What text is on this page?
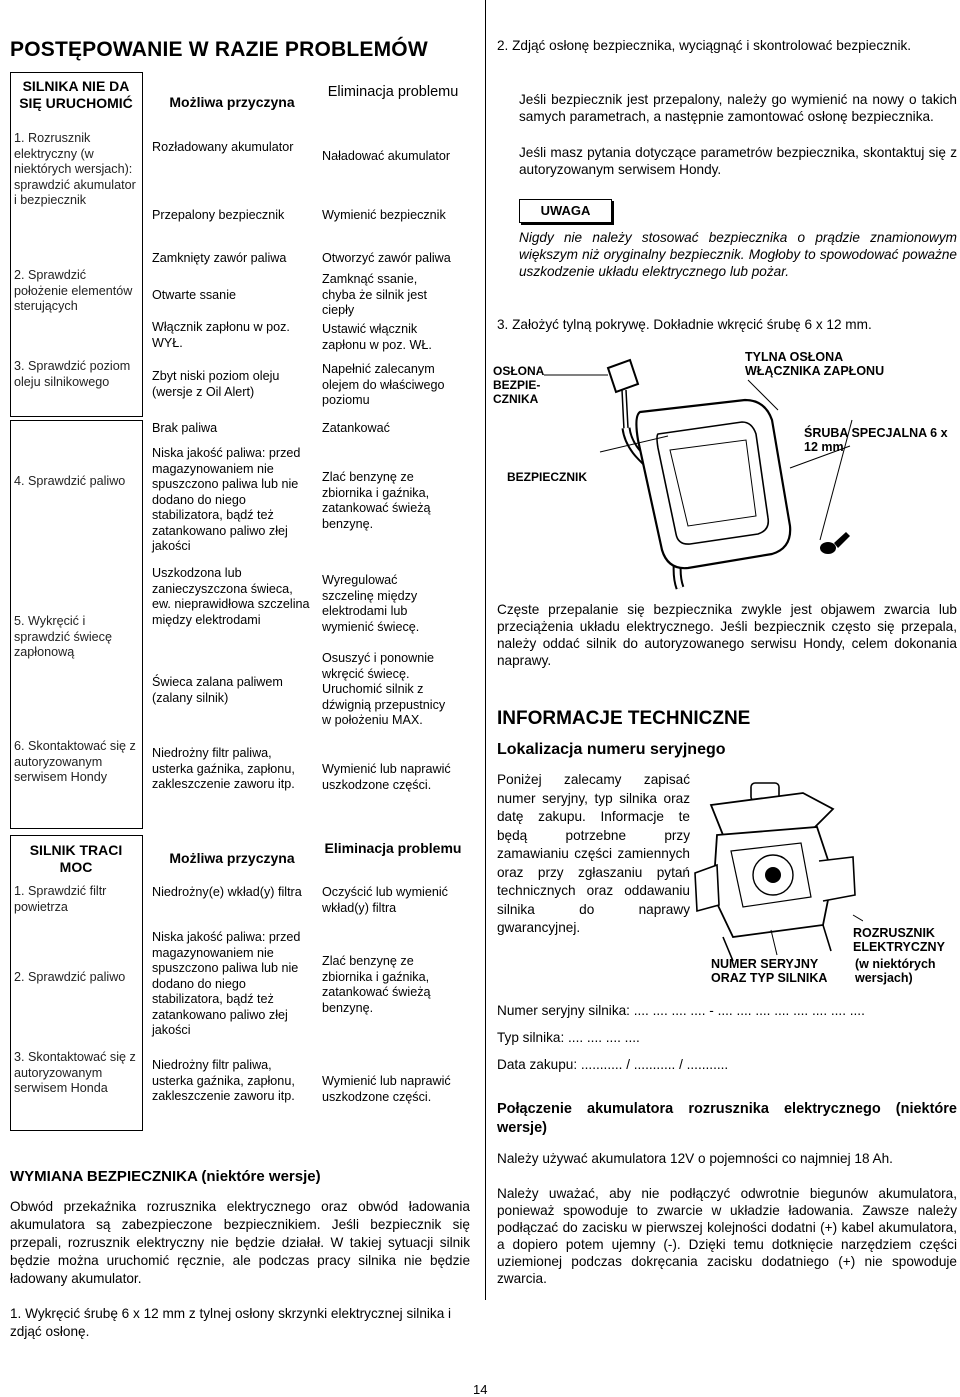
POSTĘPOWANIE W RAZIE PROBLEMÓW
SILNIKA NIE DA SIĘ URUCHOMIĆ	Możliwa przyczyna
Eliminacja problemu
1. Rozrusznik elektryczny (w niektórych wersjach): sprawdzić akumulator i bezpiecznik
2. Sprawdzić położenie elementów sterujących
3. Sprawdzić poziom oleju silnikowego
4. Sprawdzić paliwo
5. Wykręcić i sprawdzić świecę zapłonową
6. Skontaktować się z autoryzowanym serwisem Hondy
Rozładowany akumulator
Przepalony bezpiecznik
Zamknięty zawór paliwa
Otwarte ssanie
Włącznik zapłonu w poz. WYŁ.
Zbyt niski poziom oleju (wersje z Oil Alert)
Brak paliwa
Niska jakość paliwa: przed magazynowaniem nie spuszczono paliwa lub nie dodano do niego stabilizatora, bądź też zatankowano paliwo złej jakości
Uszkodzona lub zanieczyszczona świeca, ew. nieprawidłowa szczelina między elektrodami
Świeca zalana paliwem (zalany silnik)
Niedrożny filtr paliwa, usterka gaźnika, zapłonu, zakleszczenie zaworu itp.
Naładować akumulator
Wymienić bezpiecznik
Otworzyć zawór paliwa
Zamknąć ssanie, chyba że silnik jest ciepły
Ustawić włącznik zapłonu w poz. WŁ.
Napełnić zalecanym olejem do właściwego poziomu
Zatankować
Zlać benzynę ze zbiornika i gaźnika, zatankować świeżą benzynę.
Wyregulować szczelinę między elektrodami lub wymienić świecę.
Osuszyć i ponownie wkręcić świecę. Uruchomić silnik z dźwignią przepustnicy w położeniu MAX.
Wymienić lub naprawić uszkodzone części.
SILNIK TRACI MOC
Możliwa przyczyna
Eliminacja problemu
1. Sprawdzić filtr powietrza
2. Sprawdzić paliwo
3. Skontaktować się z autoryzowanym serwisem Honda
Niedrożny(e) wkład(y) filtra
Niska jakość paliwa: przed magazynowaniem nie spuszczono paliwa lub nie dodano do niego stabilizatora, bądź też zatankowano paliwo złej jakości
Niedrożny filtr paliwa, usterka gaźnika, zapłonu, zakleszczenie zaworu itp.
Oczyścić lub wymienić wkład(y) filtra
Zlać benzynę ze zbiornika i gaźnika, zatankować świeżą benzynę.
Wymienić lub naprawić uszkodzone części.
WYMIANA BEZPIECZNIKA (niektóre wersje)
Obwód przekaźnika rozrusznika elektrycznego oraz obwód ładowania akumulatora są zabezpieczone bezpiecznikiem. Jeśli bezpiecznik się przepali, rozrusznik elektryczny nie będzie działał. W takiej sytuacji silnik będzie można uruchomić ręcznie, ale podczas pracy silnika nie będzie ładowany akumulator.
1. Wykręcić śrubę 6 x 12 mm z tylnej osłony skrzynki elektrycznej silnika i zdjąć osłonę.
2. Zdjąć osłonę bezpiecznika, wyciągnąć i skontrolować bezpiecznik.
Jeśli bezpiecznik jest przepalony, należy go wymienić na nowy o takich samych parametrach, a następnie zamontować osłonę bezpiecznika.
Jeśli masz pytania dotyczące parametrów bezpiecznika, skontaktuj się z autoryzowanym serwisem Hondy.
UWAGA
Nigdy nie należy stosować bezpiecznika o prądzie znamionowym większym niż oryginalny bezpiecznik. Mogłoby to spowodować poważne uszkodzenie układu elektrycznego lub pożar.
3. Założyć tylną pokrywę. Dokładnie wkręcić śrubę 6 x 12 mm.
OSŁONA BEZPIE- CZNIKA
TYLNA OSŁONA WŁĄCZNIKA ZAPŁONU
ŚRUBA SPECJALNA 6 x 12 mm
BEZPIECZNIK
Częste przepalanie się bezpiecznika zwykle jest objawem zwarcia lub przeciążenia układu elektrycznego. Jeśli bezpiecznik często się przepala, należy oddać silnik do autoryzowanego serwisu Hondy, celem dokonania naprawy.
INFORMACJE TECHNICZNE
Lokalizacja numeru seryjnego
Poniżej zalecamy zapisać numer seryjny, typ silnika oraz datę zakupu. Informacje te będą potrzebne przy zamawianiu części zamiennych oraz przy zgłaszaniu pytań technicznych oraz oddawaniu silnika do naprawy gwarancyjnej.	ROZRUSZNIK ELEKTRYCZNY
(w niektórych wersjach)
NUMER SERYJNY ORAZ TYP SILNIKA
Numer seryjny silnika: .... .... .... .... - .... .... .... .... .... .... .... ....
Typ silnika: .... .... .... ....
Data zakupu: ........... / ........... / ...........
Połączenie akumulatora rozrusznika elektrycznego (niektóre wersje)
Należy używać akumulatora 12V o pojemności co najmniej 18 Ah.
Należy uważać, aby nie podłączyć odwrotnie biegunów akumulatora, ponieważ spowoduje to zwarcie w układzie ładowania. Zawsze należy podłączać do zacisku w pierwszej kolejności dodatni (+) kabel akumulatora, a dopiero potem ujemny (-). Dzięki temu dotknięcie narzędziem części uziemionej podczas dokręcania zacisku dodatniego (+) nie spowoduje zwarcia.
14
